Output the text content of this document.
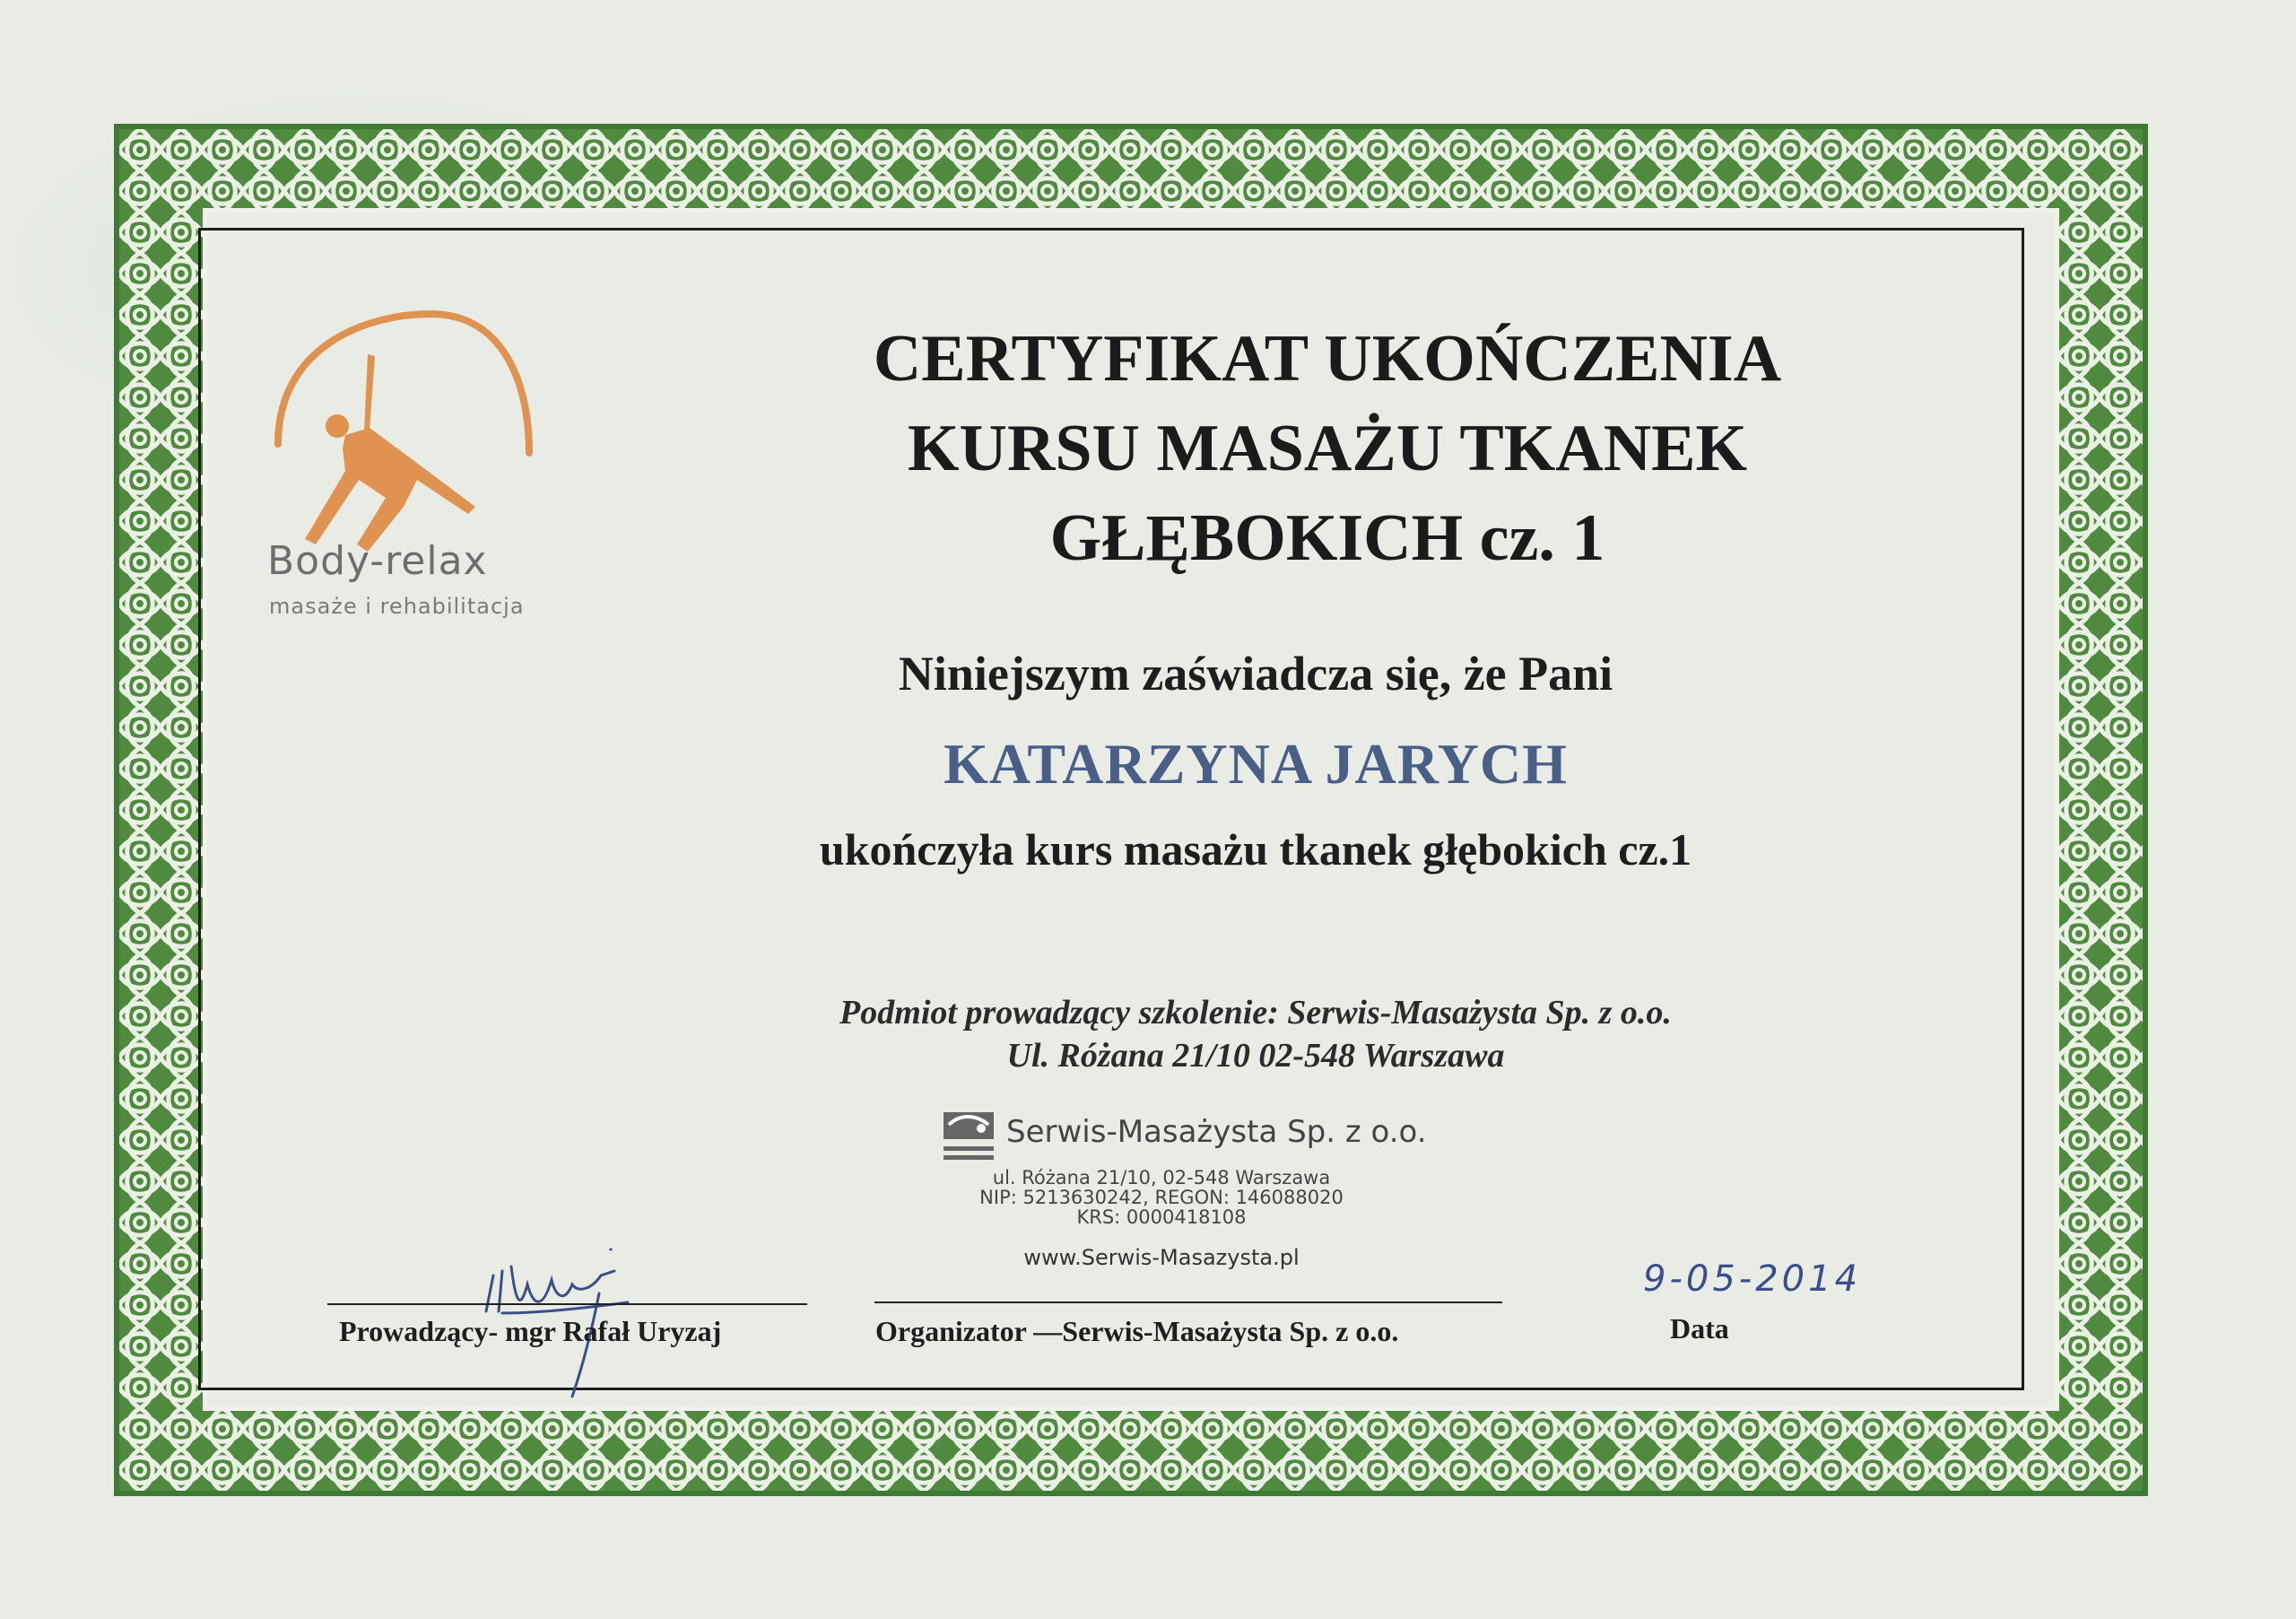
Body-relax
masaże i rehabilitacja
CERTYFIKAT UKOŃCZENIA
KURSU MASAŻU TKANEK
GŁĘBOKICH cz. 1
Niniejszym zaświadcza się, że Pani
KATARZYNA JARYCH
ukończyła kurs masażu tkanek głębokich cz.1
Podmiot prowadzący szkolenie: Serwis-Masażysta Sp. z o.o.
Ul. Różana 21/10 02-548 Warszawa
Serwis-Masażysta Sp. z o.o.
ul. Różana 21/10, 02-548 Warszawa
NIP: 5213630242, REGON: 146088020
KRS: 0000418108
www.Serwis-Masazysta.pl
Prowadzący- mgr Rafał Uryzaj	Organizator —Serwis-Masażysta Sp. z o.o.
9-05-2014
Data
